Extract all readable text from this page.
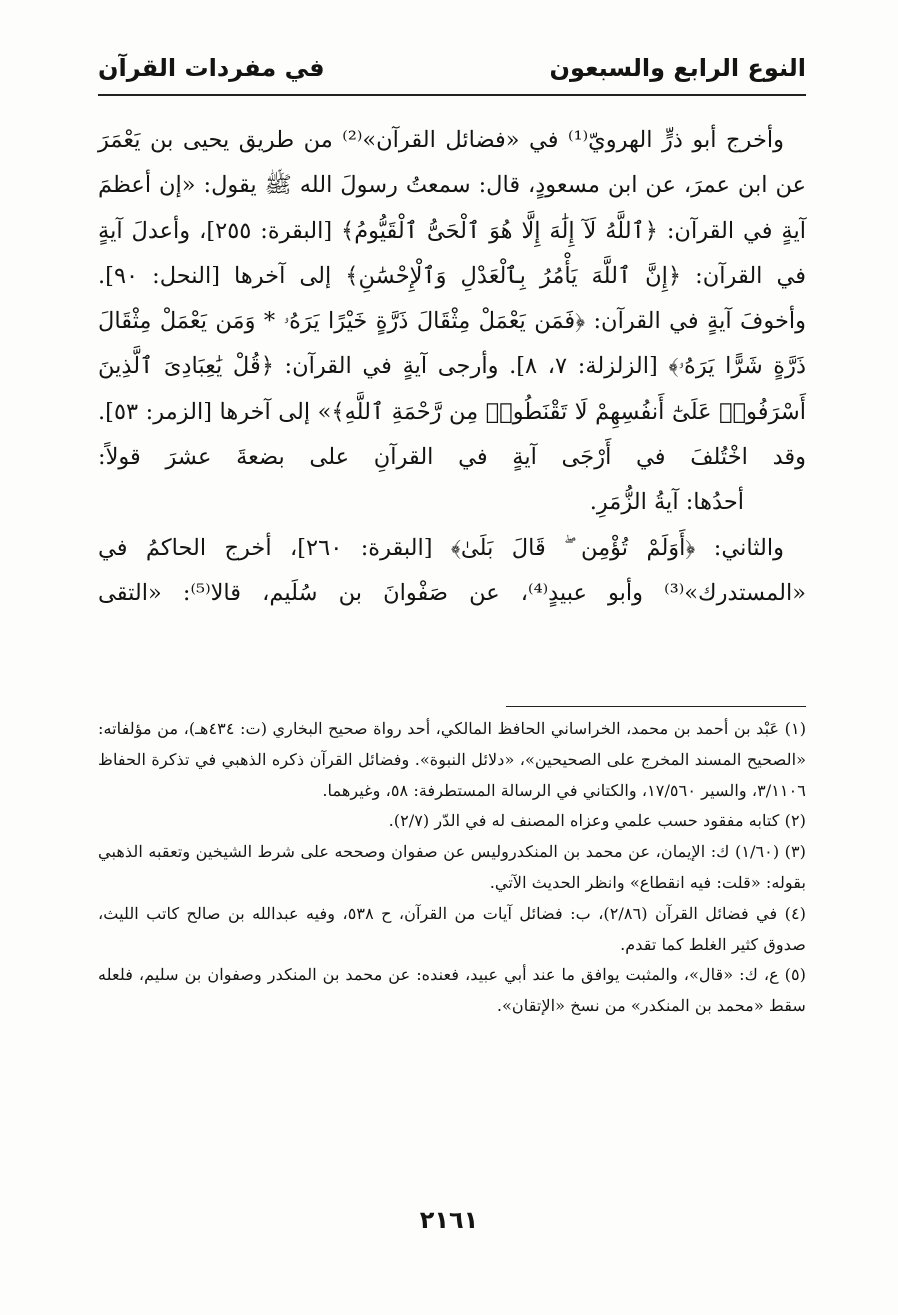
النوع الرابع والسبعون
في مفردات القرآن

وأخرج أبو ذرٍّ الهرويّ⁽¹⁾ في «فضائل القرآن»⁽²⁾ من طريق يحيى بن يَعْمَرَ عن ابن عمرَ، عن ابن مسعودٍ، قال: سمعتُ رسولَ الله ﷺ يقول: «إن أعظمَ آيةٍ في القرآن: ﴿ٱللَّهُ لَآ إِلَٰهَ إِلَّا هُوَ ٱلْحَىُّ ٱلْقَيُّومُ﴾ [البقرة: ٢٥٥]، وأعدلَ آيةٍ في القرآن: ﴿إِنَّ ٱللَّهَ يَأْمُرُ بِٱلْعَدْلِ وَٱلْإِحْسَٰنِ﴾ إلى آخرها [النحل: ٩٠]. وأخوفَ آيةٍ في القرآن: ﴿فَمَن يَعْمَلْ مِثْقَالَ ذَرَّةٍ خَيْرًا يَرَهُۥ * وَمَن يَعْمَلْ مِثْقَالَ ذَرَّةٍ شَرًّا يَرَهُۥ﴾ [الزلزلة: ٧، ٨]. وأرجى آيةٍ في القرآن: ﴿قُلْ يَٰعِبَادِىَ ٱلَّذِينَ أَسْرَفُوا۟ عَلَىٰٓ أَنفُسِهِمْ لَا تَقْنَطُوا۟ مِن رَّحْمَةِ ٱللَّهِ﴾» إلى آخرها [الزمر: ٥٣]. وقد اخْتُلفَ في أَرْجَى آيةٍ في القرآنِ على بضعةَ عشرَ قولاً:

أحدُها: آيةُ الزُّمَرِ.

والثاني: ﴿أَوَلَمْ تُؤْمِن ۖ قَالَ بَلَىٰ﴾ [البقرة: ٢٦٠]، أخرج الحاكمُ في «المستدرك»⁽³⁾ وأبو عبيدٍ⁽⁴⁾، عن صَفْوانَ بن سُلَيم، قالا⁽⁵⁾: «التقى

(١) عَبْد بن أحمد بن محمد، الخراساني الحافظ المالكي، أحد رواة صحيح البخاري (ت: ٤٣٤هـ)، من مؤلفاته: «الصحيح المسند المخرج على الصحيحين»، «دلائل النبوة». وفضائل القرآن ذكره الذهبي في تذكرة الحفاظ ٣/١١٠٦، والسير ١٧/٥٦٠، والكتاني في الرسالة المستطرفة: ٥٨، وغيرهما.

(٢) كتابه مفقود حسب علمي وعزاه المصنف له في الدّر (٢/٧).

(٣) (١/٦٠) ك: الإيمان، عن محمد بن المنكدروليس عن صفوان وصححه على شرط الشيخين وتعقبه الذهبي بقوله: «قلت: فيه انقطاع» وانظر الحديث الآتي.

(٤) في فضائل القرآن (٢/٨٦)، ب: فضائل آيات من القرآن، ح ٥٣٨، وفيه عبدالله بن صالح كاتب الليث، صدوق كثير الغلط كما تقدم.

(٥) ع، ك: «قال»، والمثبت يوافق ما عند أبي عبيد، فعنده: عن محمد بن المنكدر وصفوان بن سليم، فلعله سقط «محمد بن المنكدر» من نسخ «الإتقان».

٢١٦١
